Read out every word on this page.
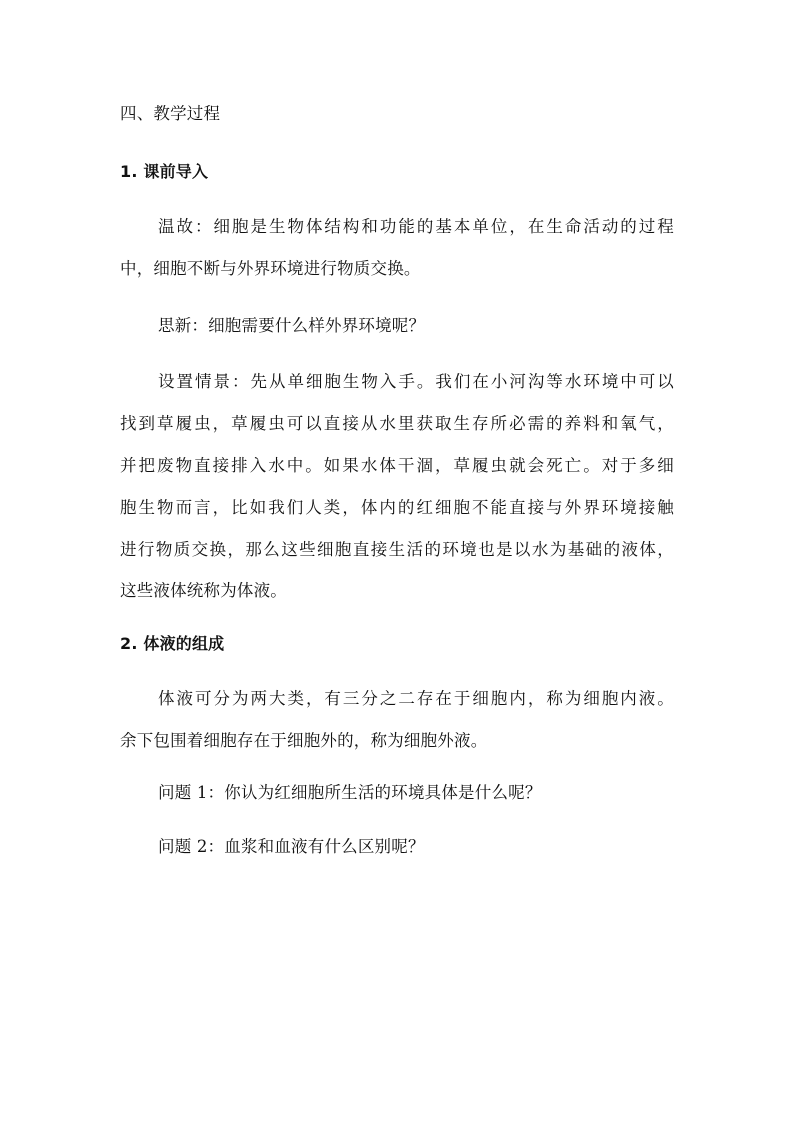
四、教学过程
1. 课前导入
温故：细胞是生物体结构和功能的基本单位，在生命活动的过程
中，细胞不断与外界环境进行物质交换。
思新：细胞需要什么样外界环境呢？
设置情景：先从单细胞生物入手。我们在小河沟等水环境中可以
找到草履虫，草履虫可以直接从水里获取生存所必需的养料和氧气，
并把废物直接排入水中。如果水体干涸，草履虫就会死亡。对于多细
胞生物而言，比如我们人类，体内的红细胞不能直接与外界环境接触
进行物质交换，那么这些细胞直接生活的环境也是以水为基础的液体，
这些液体统称为体液。
2. 体液的组成
体液可分为两大类，有三分之二存在于细胞内，称为细胞内液。
余下包围着细胞存在于细胞外的，称为细胞外液。
问题 1：你认为红细胞所生活的环境具体是什么呢？
问题 2：血浆和血液有什么区别呢？
